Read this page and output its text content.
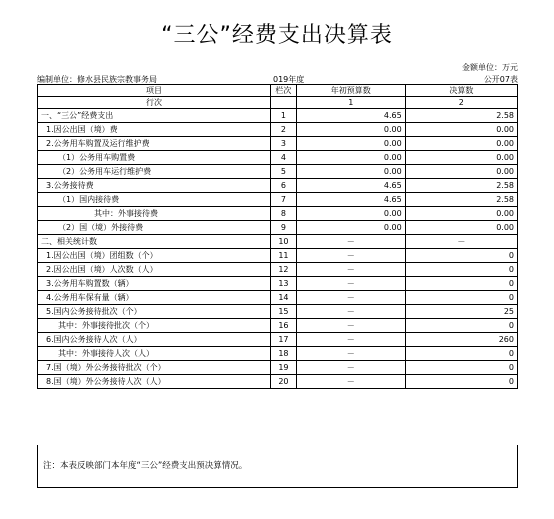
“三公”经费支出决算表
金额单位：万元
公开07表
编制单位：修水县民族宗教事务局	019年度
项目	栏次	年初预算数	决算数
行次		1	2
一、“三公”经费支出	1	4.65	2.58
1.因公出国（境）费	2	0.00	0.00
2.公务用车购置及运行维护费	3	0.00	0.00
（1）公务用车购置费	4	0.00	0.00
（2）公务用车运行维护费	5	0.00	0.00
3.公务接待费	6	4.65	2.58
（1）国内接待费	7	4.65	2.58
其中：外事接待费	8	0.00	0.00
（2）国（境）外接待费	9	0.00	0.00
二、相关统计数	10	－	－
1.因公出国（境）团组数（个）	11	－	0
2.因公出国（境）人次数（人）	12	－	0
3.公务用车购置数（辆）	13	－	0
4.公务用车保有量（辆）	14	－	0
5.国内公务接待批次（个）	15	－	25
其中：外事接待批次（个）	16	－	0
6.国内公务接待人次（人）	17	－	260
其中：外事接待人次（人）	18	－	0
7.国（境）外公务接待批次（个）	19	－	0
8.国（境）外公务接待人次（人）	20	－	0
注：本表反映部门本年度“三公”经费支出预决算情况。
